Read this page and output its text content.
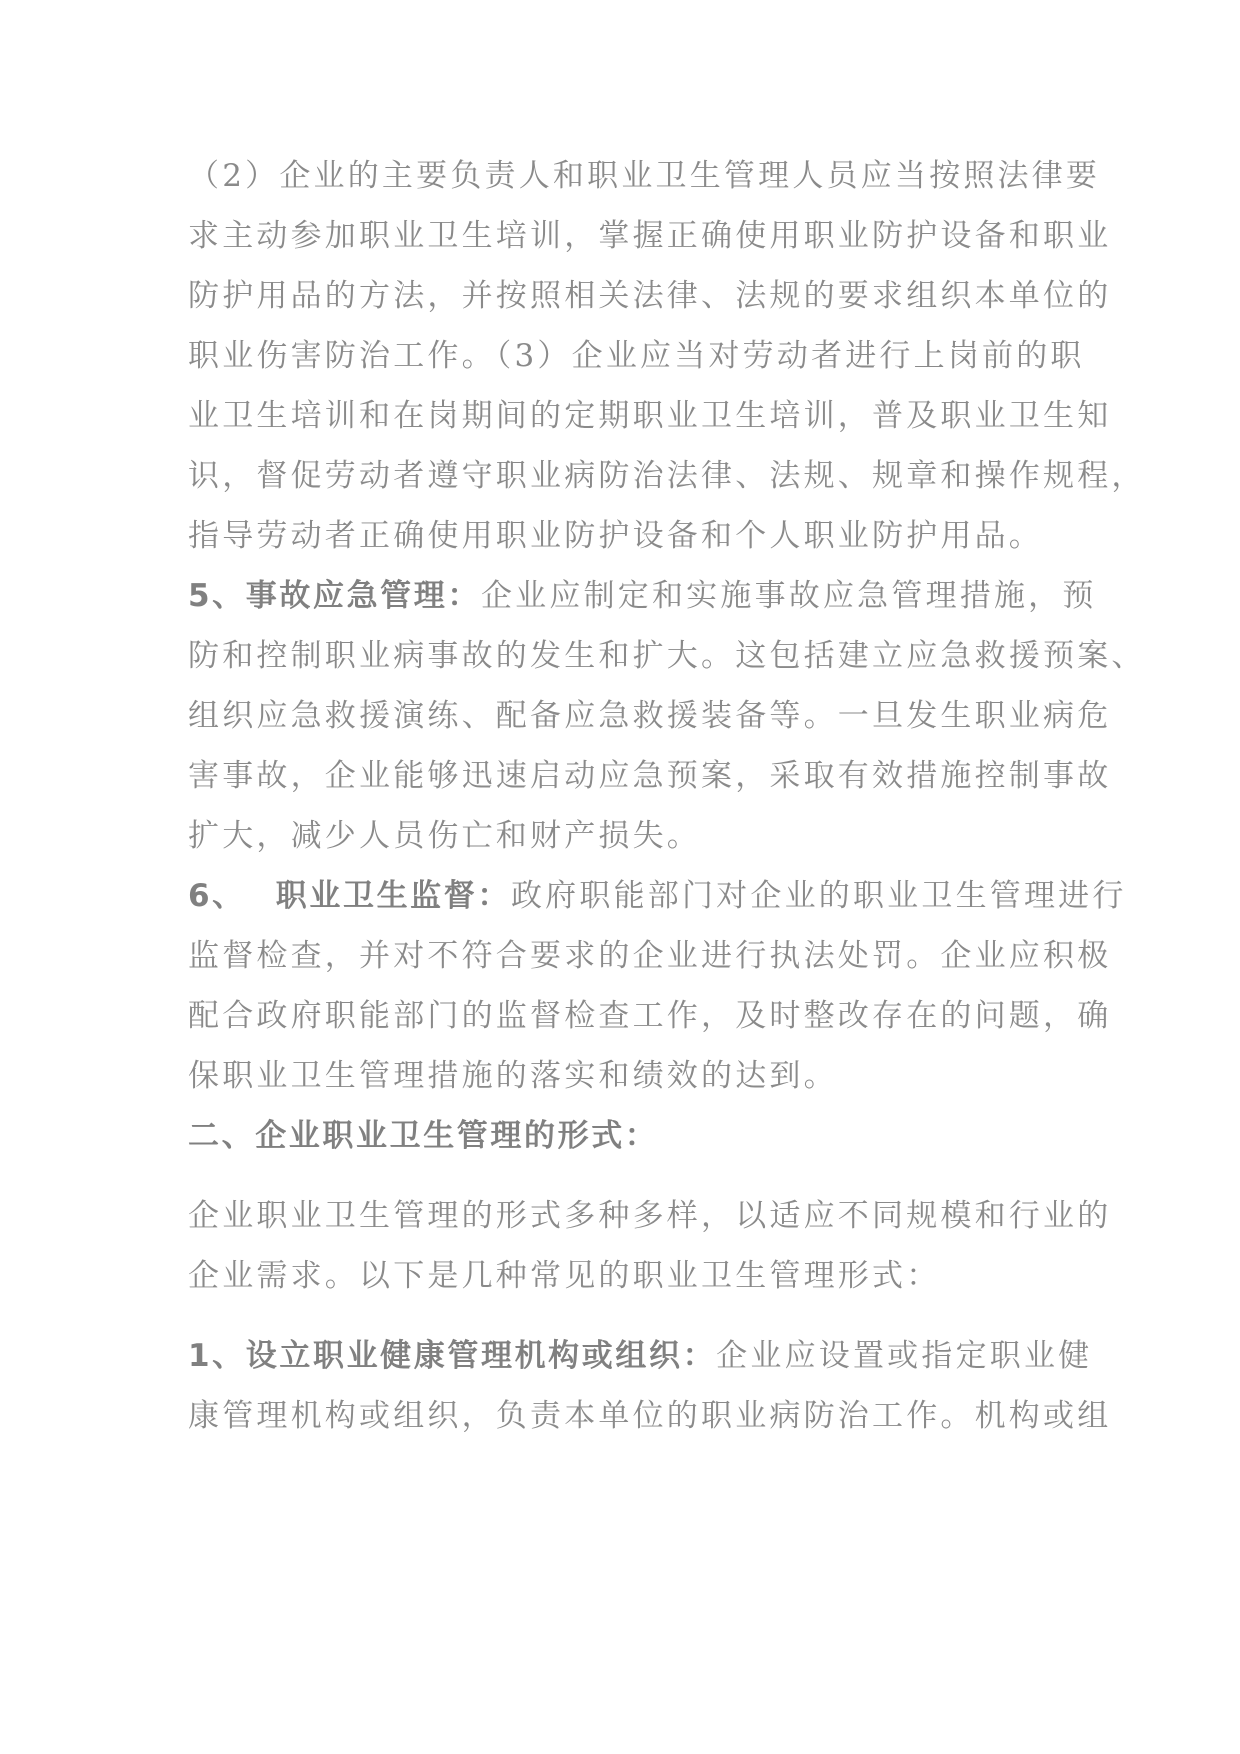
（2）企业的主要负责人和职业卫生管理人员应当按照法律要
求主动参加职业卫生培训，掌握正确使用职业防护设备和职业
防护用品的方法，并按照相关法律、法规的要求组织本单位的
职业伤害防治工作。（3）企业应当对劳动者进行上岗前的职
业卫生培训和在岗期间的定期职业卫生培训，普及职业卫生知
识，督促劳动者遵守职业病防治法律、法规、规章和操作规程，
指导劳动者正确使用职业防护设备和个人职业防护用品。
5、事故应急管理：企业应制定和实施事故应急管理措施，预
防和控制职业病事故的发生和扩大。这包括建立应急救援预案、
组织应急救援演练、配备应急救援装备等。一旦发生职业病危
害事故，企业能够迅速启动应急预案，采取有效措施控制事故
扩大，减少人员伤亡和财产损失。
6、 职业卫生监督：政府职能部门对企业的职业卫生管理进行
监督检查，并对不符合要求的企业进行执法处罚。企业应积极
配合政府职能部门的监督检查工作，及时整改存在的问题，确
保职业卫生管理措施的落实和绩效的达到。
二、企业职业卫生管理的形式：
企业职业卫生管理的形式多种多样，以适应不同规模和行业的
企业需求。以下是几种常见的职业卫生管理形式：
1、设立职业健康管理机构或组织：企业应设置或指定职业健
康管理机构或组织，负责本单位的职业病防治工作。机构或组
